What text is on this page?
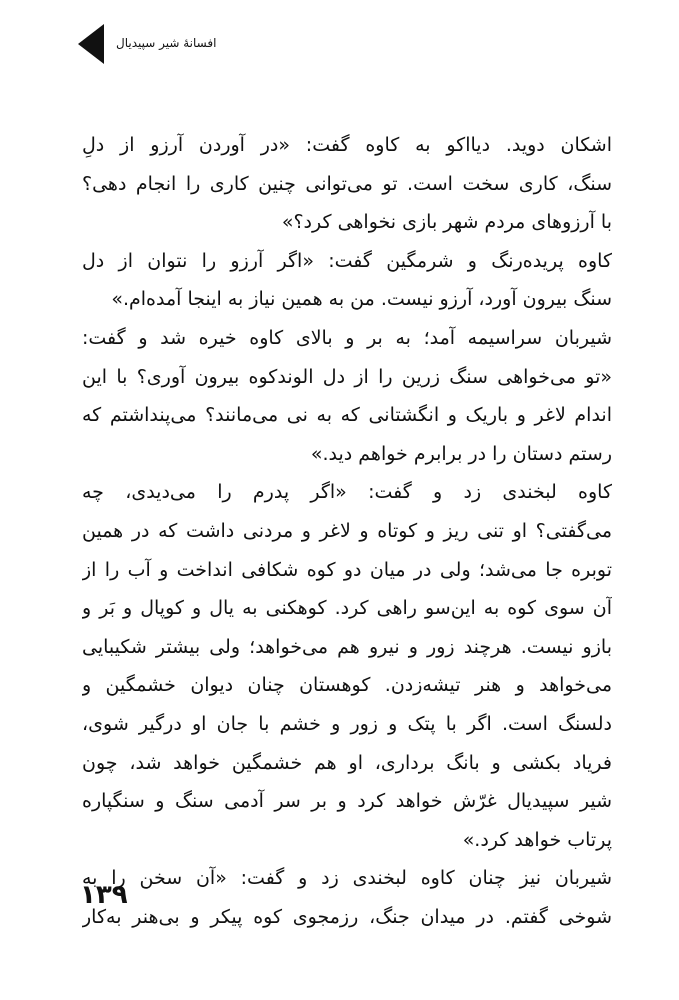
افسانهٔ شیر سپیدیال
اشکان دوید. دیااکو به کاوه گفت: «در آوردن آرزو از دلِ
سنگ، کاری سخت است. تو می‌توانی چنین کاری را انجام دهی؟
با آرزوهای مردم شهر بازی نخواهی کرد؟»
کاوه پریده‌رنگ و شرمگین گفت: «اگر آرزو را نتوان از دل
سنگ بیرون آورد، آرزو نیست. من به همین نیاز به اینجا آمده‌ام.»
شیربان سراسیمه آمد؛ به بر و بالای کاوه خیره شد و گفت:
«تو می‌خواهی سنگ زرین را از دل الوندکوه بیرون آوری؟ با این
اندام لاغر و باریک و انگشتانی که به نی می‌مانند؟ می‌پنداشتم که
رستم دستان را در برابرم خواهم دید.»
کاوه لبخندی زد و گفت: «اگر پدرم را می‌دیدی، چه
می‌گفتی؟ او تنی ریز و کوتاه و لاغر و مردنی داشت که در همین
توبره جا می‌شد؛ ولی در میان دو کوه شکافی انداخت و آب را از
آن سوی کوه به این‌سو راهی کرد. کوهکنی به یال و کوپال و بَر و
بازو نیست. هرچند زور و نیرو هم می‌خواهد؛ ولی بیشتر شکیبایی
می‌خواهد و هنر تیشه‌زدن. کوهستان چنان دیوان خشمگین و
دلسنگ است. اگر با پتک و زور و خشم با جان او درگیر شوی،
فریاد بکشی و بانگ برداری، او هم خشمگین خواهد شد، چون
شیر سپیدیال غرّش خواهد کرد و بر سر آدمی سنگ و سنگپاره
پرتاب خواهد کرد.»
شیربان نیز چنان کاوه لبخندی زد و گفت: «آن سخن را به
شوخی گفتم. در میدان جنگ، رزمجوی کوه پیکر و بی‌هنر به‌کار
۱۳۹
